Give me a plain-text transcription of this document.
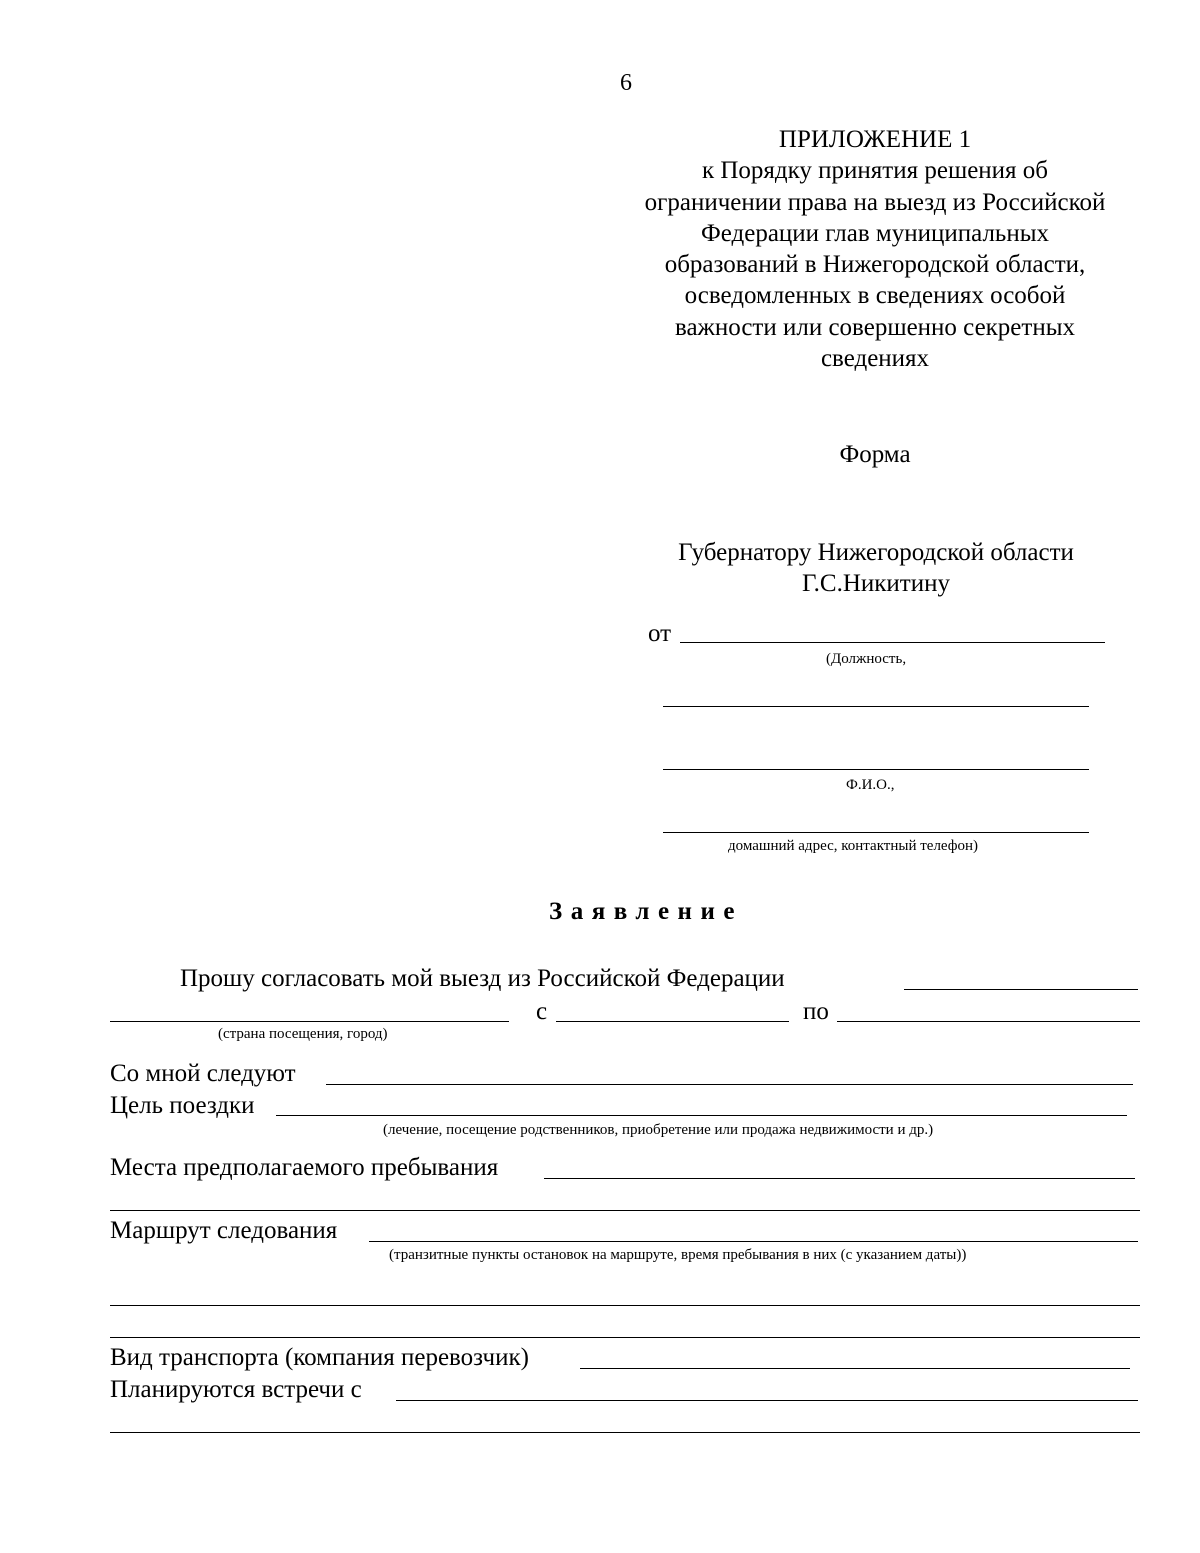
6
ПРИЛОЖЕНИЕ 1
к Порядку принятия решения об
ограничении права на выезд из Российской
Федерации глав муниципальных
образований в Нижегородской области,
осведомленных в сведениях особой
важности или совершенно секретных
сведениях
Форма
Губернатору Нижегородской области
Г.С.Никитину
от
(Должность,
Ф.И.О.,
домашний адрес, контактный телефон)
Заявление
Прошу согласовать мой выезд из Российской Федерации
с	по
(страна посещения, город)
Со мной следуют
Цель поездки
(лечение, посещение родственников, приобретение или продажа недвижимости и др.)
Места предполагаемого пребывания
Маршрут следования
(транзитные пункты остановок на маршруте, время пребывания в них (с указанием даты))
Вид транспорта (компания перевозчик)
Планируются встречи с
